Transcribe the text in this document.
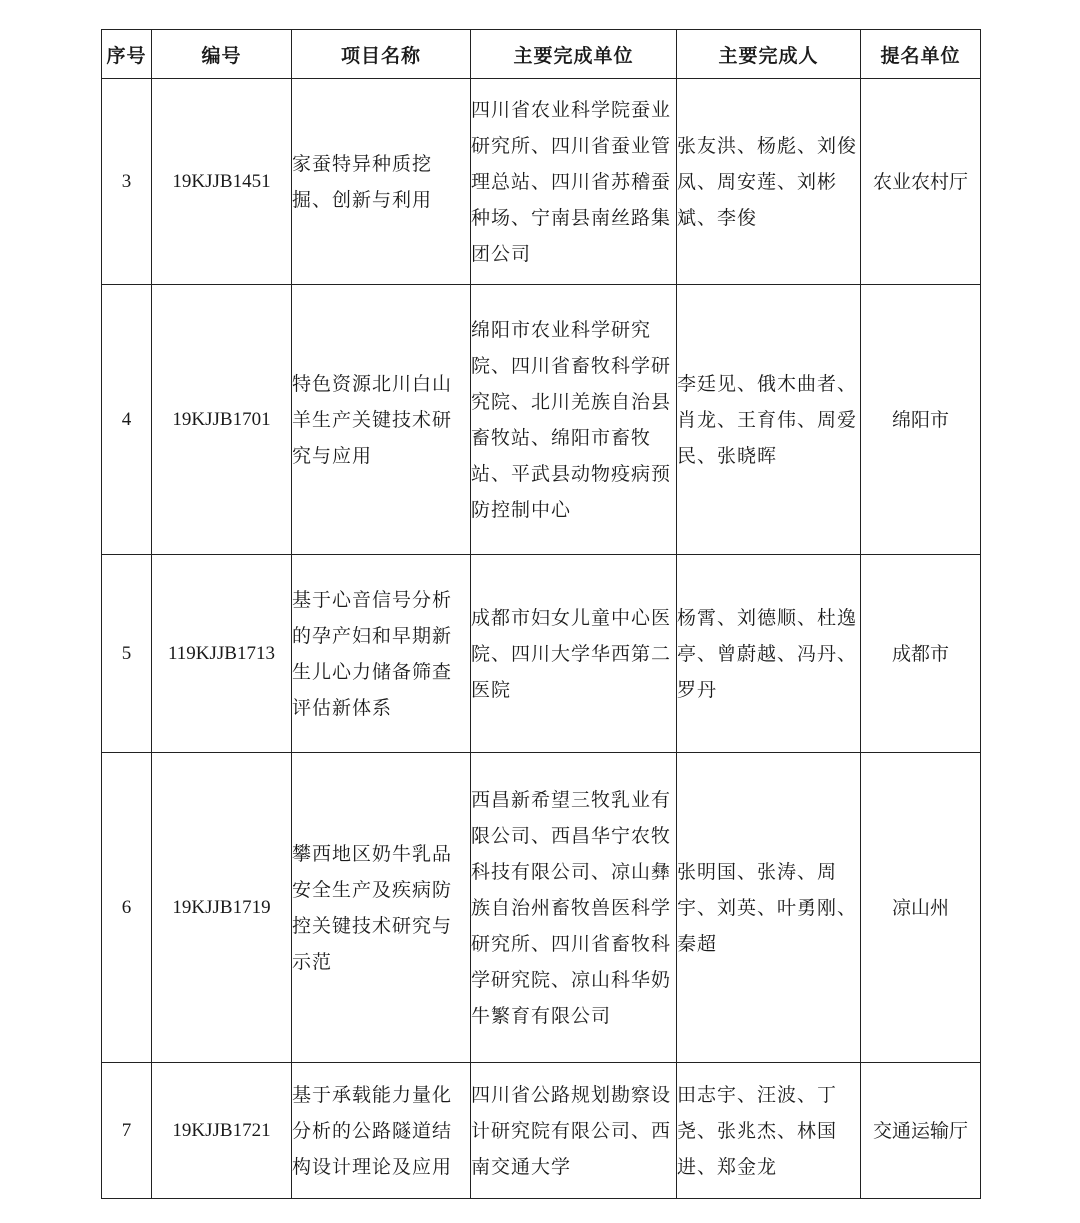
序号	编号	项目名称	主要完成单位	主要完成人	提名单位
3	19KJJB1451	家蚕特异种质挖掘、创新与利用	四川省农业科学院蚕业研究所、四川省蚕业管理总站、四川省苏稽蚕种场、宁南县南丝路集团公司	张友洪、杨彪、刘俊凤、周安莲、刘彬斌、李俊	农业农村厅
4	19KJJB1701	特色资源北川白山羊生产关键技术研究与应用	绵阳市农业科学研究院、四川省畜牧科学研究院、北川羌族自治县畜牧站、绵阳市畜牧站、平武县动物疫病预防控制中心	李廷见、俄木曲者、肖龙、王育伟、周爱民、张晓晖	绵阳市
5	119KJJB1713	基于心音信号分析的孕产妇和早期新生儿心力储备筛查评估新体系	成都市妇女儿童中心医院、四川大学华西第二医院	杨霄、刘德顺、杜逸亭、曾蔚越、冯丹、罗丹	成都市
6	19KJJB1719	攀西地区奶牛乳品安全生产及疾病防控关键技术研究与示范	西昌新希望三牧乳业有限公司、西昌华宁农牧科技有限公司、凉山彝族自治州畜牧兽医科学研究所、四川省畜牧科学研究院、凉山科华奶牛繁育有限公司	张明国、张涛、周宇、刘英、叶勇刚、秦超	凉山州
7	19KJJB1721	基于承载能力量化分析的公路隧道结构设计理论及应用	四川省公路规划勘察设计研究院有限公司、西南交通大学	田志宇、汪波、丁尧、张兆杰、林国进、郑金龙	交通运输厅
